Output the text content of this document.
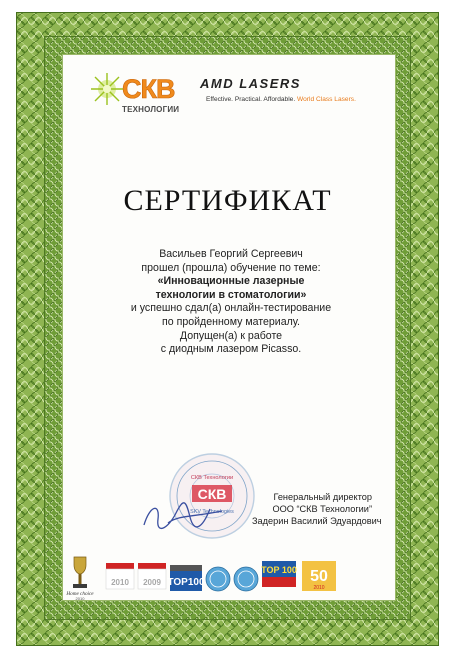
СКВ
ТЕХНОЛОГИИ
AMD LASERS
Effective. Practical. Affordable. World Class Lasers.
СЕРТИФИКАТ
Васильев Георгий Сергеевич
прошел (прошла) обучение по теме:
«Инновационные лазерные
технологии в стоматологии»
и успешно сдал(а) онлайн-тестирование
по пройденному материалу.
Допущен(а) к работе
с диодным лазером Picasso.
СКВ
СКВ Технологии
SKV Technologies
Генеральный директор
ООО “СКВ Технологии”
Задерин Василий Эдуардович
Home choice
2010
2010 2009 TOP100
TOP 100 50
2010
